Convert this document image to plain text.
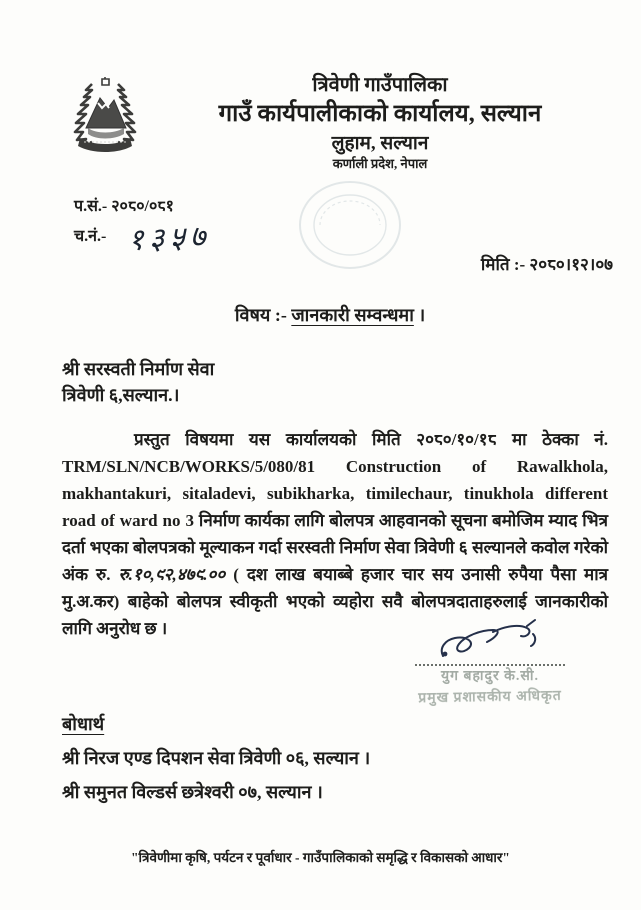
त्रिवेणी गाउँपालिका
गाउँ कार्यपालीकाको कार्यालय, सल्यान
लुहाम, सल्यान
कर्णाली प्रदेश, नेपाल
प.सं.- २०८०/०८१
च.नं.- १३५७
मिति :- २०८०।१२।०७
विषय :- जानकारी सम्वन्धमा ।
श्री सरस्वती निर्माण सेवा
त्रिवेणी ६,सल्यान.।

प्रस्तुत विषयमा यस कार्यालयको मिति २०८०/१०/१८ मा ठेक्का नं. TRM/SLN/NCB/WORKS/5/080/81 Construction of Rawalkhola, makhantakuri, sitaladevi, subikharka, timilechaur, tinukhola different road of ward no 3 निर्माण कार्यका लागि बोलपत्र आहवानको सूचना बमोजिम म्याद भित्र दर्ता भएका बोलपत्रको मूल्याकन गर्दा सरस्वती निर्माण सेवा त्रिवेणी ६ सल्यानले कवोल गरेको अंक रु. रु.१०,९२,४७९.०० ( दश लाख बयाब्बे हजार चार सय उनासी रुपैया पैसा मात्र मु.अ.कर) बाहेको बोलपत्र स्वीकृती भएको व्यहोरा सवै बोलपत्रदाताहरुलाई जानकारीको लागि अनुरोध छ ।

युग बहादुर के.सी.
प्रमुख प्रशासकीय अधिकृत
बोधार्थ
श्री निरज एण्ड दिपशन सेवा त्रिवेणी ०६, सल्यान ।
श्री समुनत विल्डर्स छत्रेश्वरी ०७, सल्यान ।
"त्रिवेणीमा कृषि, पर्यटन र पूर्वाधार - गाउँपालिकाको समृद्धि र विकासको आधार"
